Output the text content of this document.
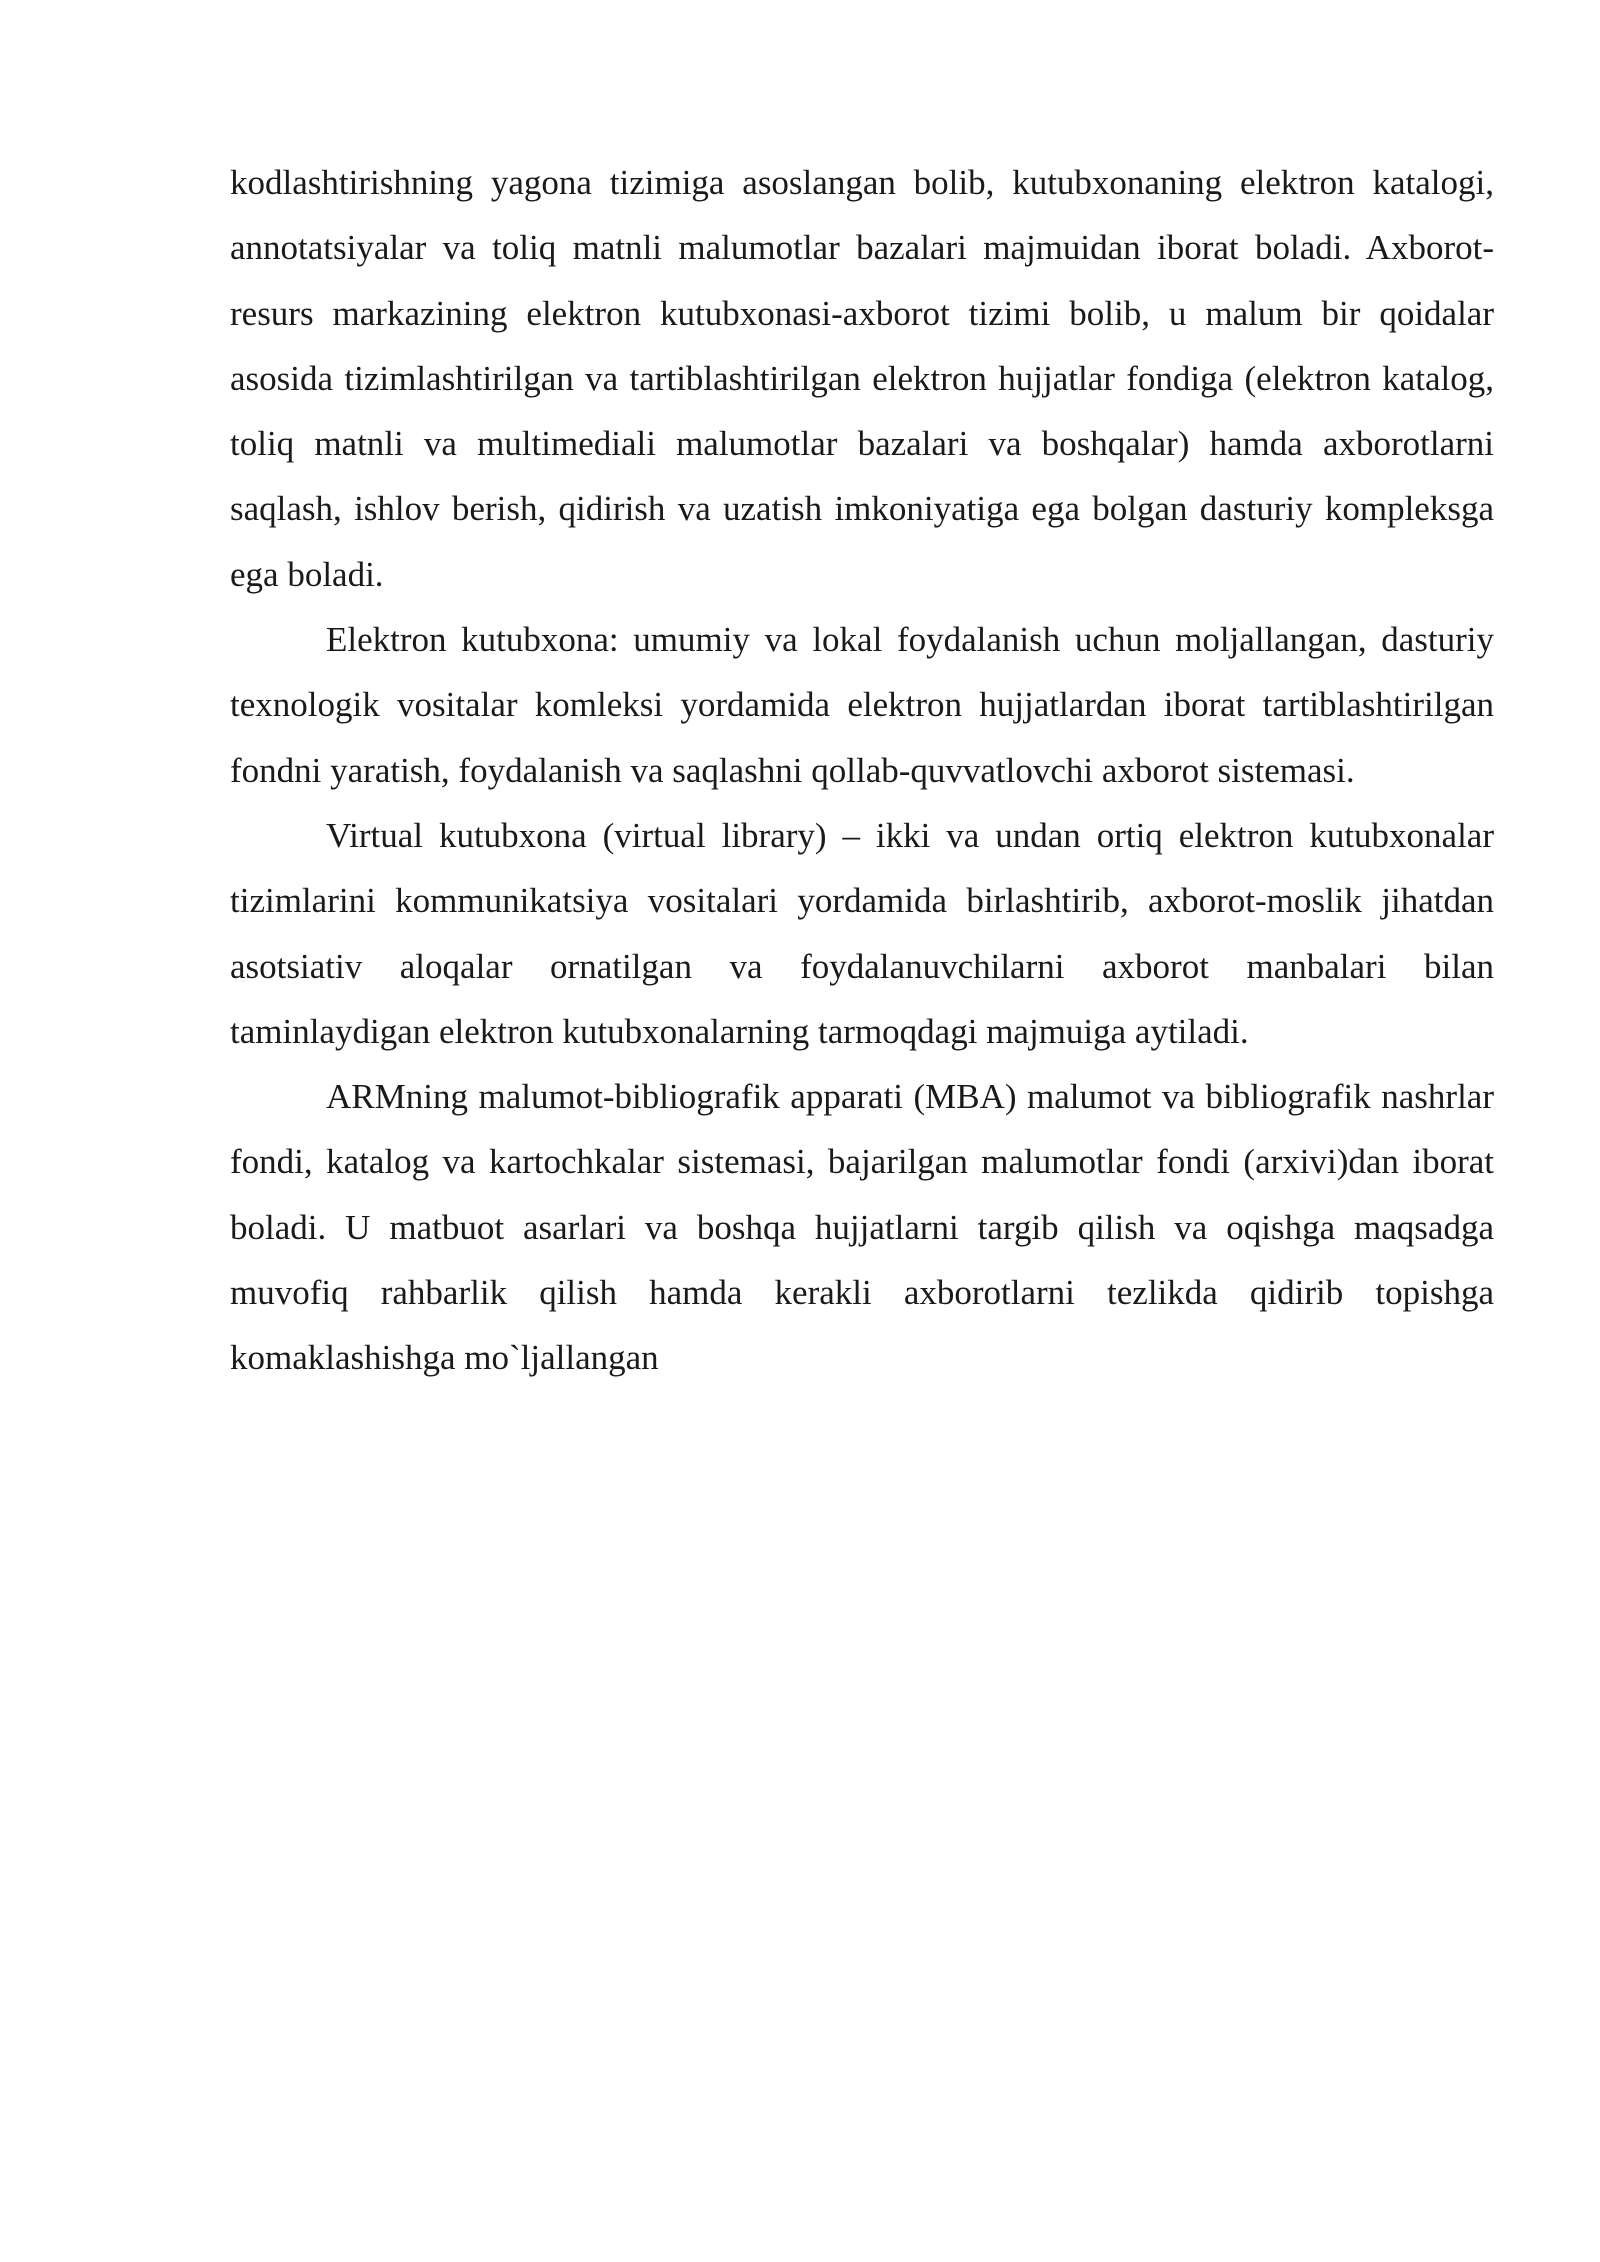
kodlashtirishning yagona tizimiga asoslangan bolib, kutubxonaning elektron katalogi, annotatsiyalar va toliq matnli malumotlar bazalari majmuidan iborat boladi. Axborot-resurs markazining elektron kutubxonasi-axborot tizimi bolib, u malum bir qoidalar asosida tizimlashtirilgan va tartiblashtirilgan elektron hujjatlar fondiga (elektron katalog, toliq matnli va multimediali malumotlar bazalari va boshqalar) hamda axborotlarni saqlash, ishlov berish, qidirish va uzatish imkoniyatiga ega bolgan dasturiy kompleksga ega boladi.

Elektron kutubxona: umumiy va lokal foydalanish uchun moljallangan, dasturiy texnologik vositalar komleksi yordamida elektron hujjatlardan iborat tartiblashtirilgan fondni yaratish, foydalanish va saqlashni qollab-quvvatlovchi axborot sistemasi.

Virtual kutubxona (virtual library) – ikki va undan ortiq elektron kutubxonalar tizimlarini kommunikatsiya vositalari yordamida birlashtirib, axborot-moslik jihatdan asotsiativ aloqalar ornatilgan va foydalanuvchilarni axborot manbalari bilan taminlaydigan elektron kutubxonalarning tarmoqdagi majmuiga aytiladi.

ARMning malumot-bibliografik apparati (MBA) malumot va bibliografik nashrlar fondi, katalog va kartochkalar sistemasi, bajarilgan malumotlar fondi (arxivi)dan iborat boladi. U matbuot asarlari va boshqa hujjatlarni targib qilish va oqishga maqsadga muvofiq rahbarlik qilish hamda kerakli axborotlarni tezlikda qidirib topishga komaklashishga mo`ljallangan
